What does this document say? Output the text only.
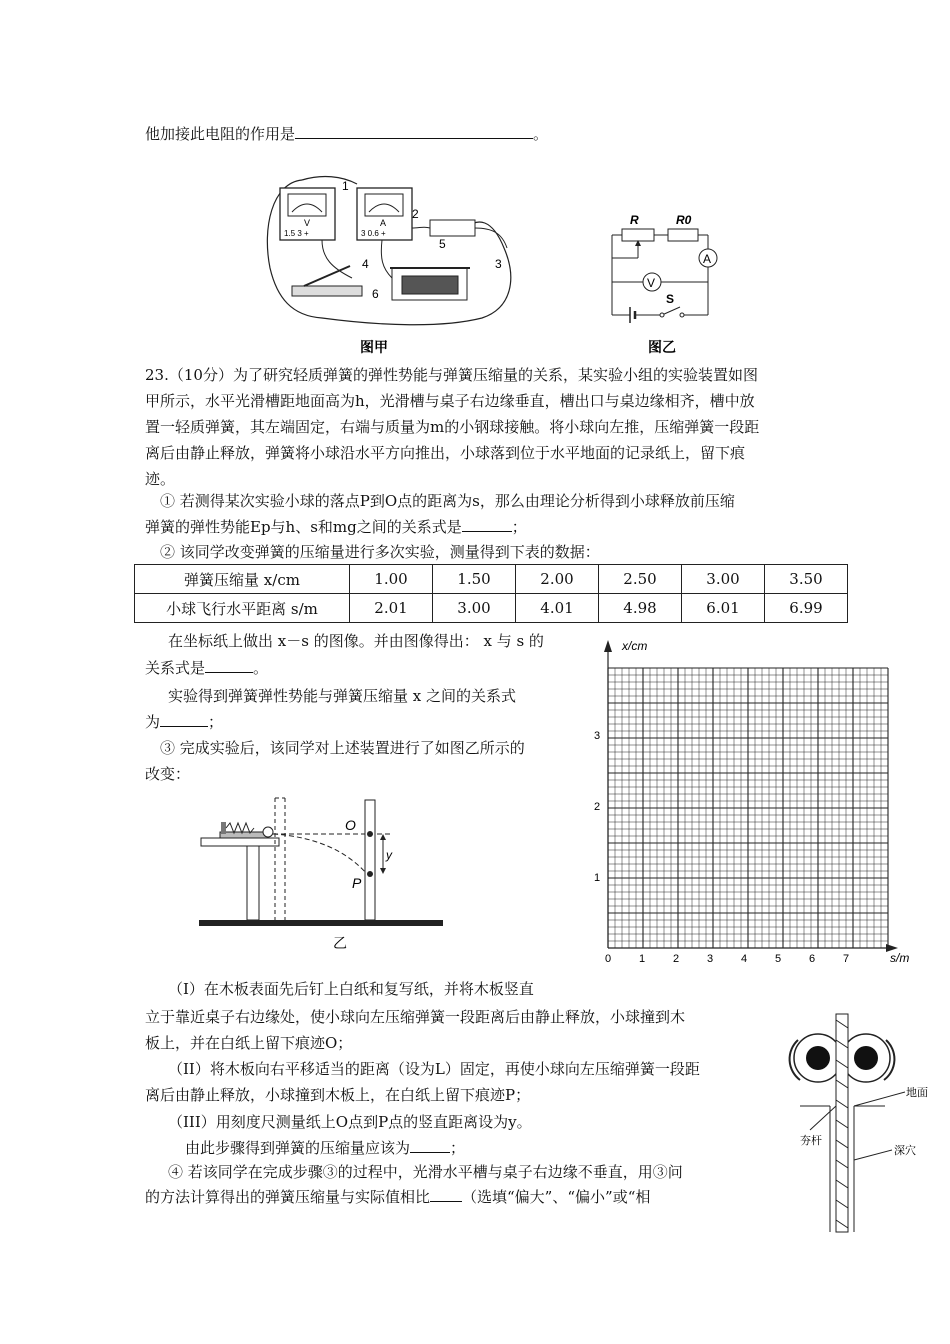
他加接此电阻的作用是	。
V
1.5 3 +
A
3 0.6 +
1
2
3
4
5
6
图甲
R	R0
A
V
S
图乙
23.（10分）为了研究轻质弹簧的弹性势能与弹簧压缩量的关系，某实验小组的实验装置如图
甲所示，水平光滑槽距地面高为h，光滑槽与桌子右边缘垂直，槽出口与桌边缘相齐，槽中放
置一轻质弹簧，其左端固定，右端与质量为m的小钢球接触。将小球向左推，压缩弹簧一段距
离后由静止释放，弹簧将小球沿水平方向推出，小球落到位于水平地面的记录纸上，留下痕
迹。
① 若测得某次实验小球的落点P到O点的距离为s，那么由理论分析得到小球释放前压缩
弹簧的弹性势能Ep与h、s和mg之间的关系式是	；
② 该同学改变弹簧的压缩量进行多次实验，测量得到下表的数据：
弹簧压缩量 x/cm	1.00	1.50	2.00	2.50	3.00	3.50
小球飞行水平距离 s/m	2.01	3.00	4.01	4.98	6.01	6.99
在坐标纸上做出 x－s 的图像。并由图像得出： x 与 s 的
关系式是	。
实验得到弹簧弹性势能与弹簧压缩量 x 之间的关系式
为	；
③ 完成实验后，该同学对上述装置进行了如图乙所示的
改变：
O
P
y
乙
x/cm
s/m
0	1	2	3	4	5	6	7
1
2
3
（I）在木板表面先后钉上白纸和复写纸，并将木板竖直
立于靠近桌子右边缘处，使小球向左压缩弹簧一段距离后由静止释放，小球撞到木
板上，并在白纸上留下痕迹O；
（II）将木板向右平移适当的距离（设为L）固定，再使小球向左压缩弹簧一段距
离后由静止释放，小球撞到木板上，在白纸上留下痕迹P；
（III）用刻度尺测量纸上O点到P点的竖直距离设为y。
由此步骤得到弹簧的压缩量应该为	；
④ 若该同学在完成步骤③的过程中，光滑水平槽与桌子右边缘不垂直，用③问
的方法计算得出的弹簧压缩量与实际值相比 （选填“偏大”、“偏小”或“相
地面
夯杆
深穴
